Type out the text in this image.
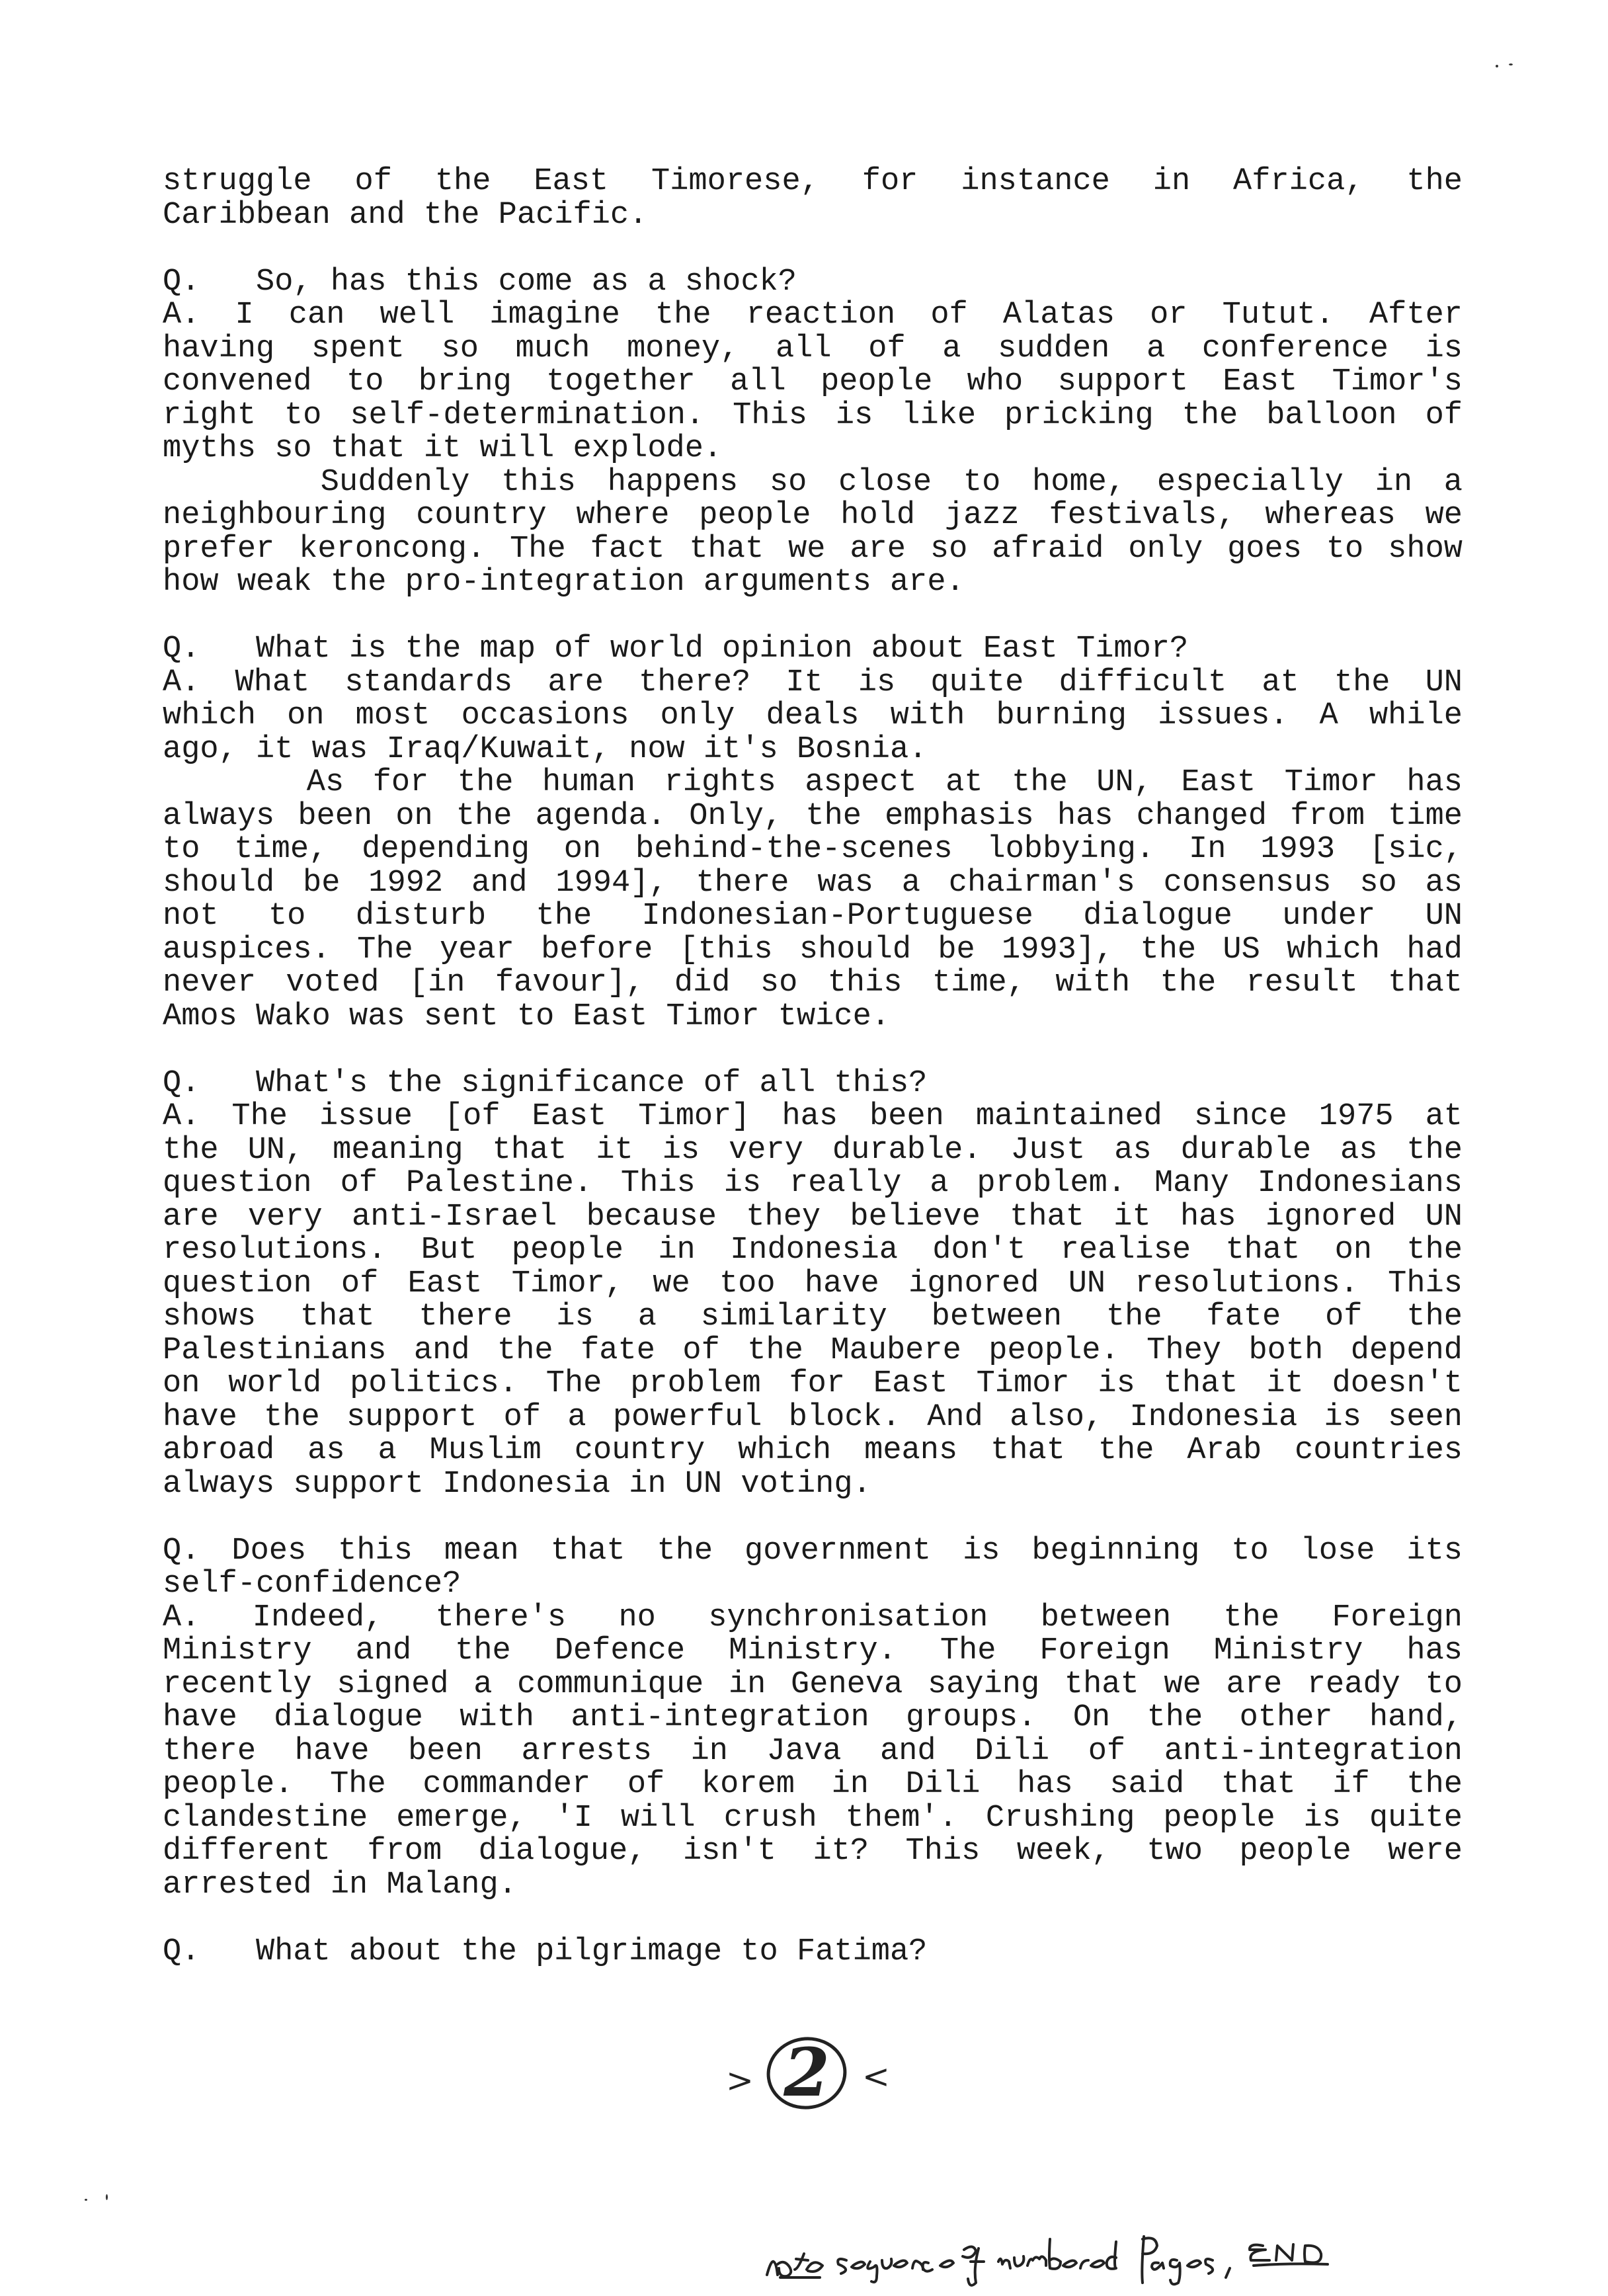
struggle of the East Timorese, for instance in Africa, the
Caribbean and the Pacific.
Q.   So, has this come as a shock?
A. I can well imagine the reaction of Alatas or Tutut. After
having spent so much money, all of a sudden a conference is
convened to bring together all people who support East Timor's
right to self-determination. This is like pricking the balloon of
myths so that it will explode.
Suddenly this happens so close to home, especially in a
neighbouring country where people hold jazz festivals, whereas we
prefer keroncong. The fact that we are so afraid only goes to show
how weak the pro-integration arguments are.
Q.   What is the map of world opinion about East Timor?
A. What standards are there? It is quite difficult at the UN
which on most occasions only deals with burning issues. A while
ago, it was Iraq/Kuwait, now it's Bosnia.
As for the human rights aspect at the UN, East Timor has
always been on the agenda. Only, the emphasis has changed from time
to time, depending on behind-the-scenes lobbying. In 1993 [sic,
should be 1992 and 1994], there was a chairman's consensus so as
not to disturb the Indonesian-Portuguese dialogue under UN
auspices. The year before [this should be 1993], the US which had
never voted [in favour], did so this time, with the result that
Amos Wako was sent to East Timor twice.
Q.   What's the significance of all this?
A. The issue [of East Timor] has been maintained since 1975 at
the UN, meaning that it is very durable. Just as durable as the
question of Palestine. This is really a problem. Many Indonesians
are very anti-Israel because they believe that it has ignored UN
resolutions. But people in Indonesia don't realise that on the
question of East Timor, we too have ignored UN resolutions. This
shows that there is a similarity between the fate of the
Palestinians and the fate of the Maubere people. They both depend
on world politics. The problem for East Timor is that it doesn't
have the support of a powerful block. And also, Indonesia is seen
abroad as a Muslim country which means that the Arab countries
always support Indonesia in UN voting.
Q. Does this mean that the government is beginning to lose its
self-confidence?
A. Indeed, there's no synchronisation between the Foreign
Ministry and the Defence Ministry. The Foreign Ministry has
recently signed a communique in Geneva saying that we are ready to
have dialogue with anti-integration groups. On the other hand,
there have been arrests in Java and Dili of anti-integration
people. The commander of korem in Dili has said that if the
clandestine emerge, 'I will crush them'. Crushing people is quite
different from dialogue, isn't it? This week, two people were
arrested in Malang.
Q.   What about the pilgrimage to Fatima?
> 2 <
